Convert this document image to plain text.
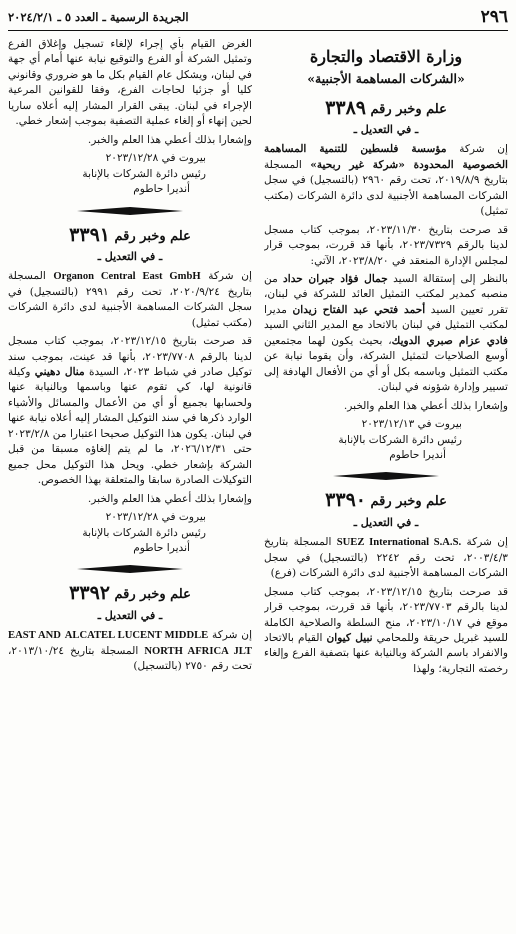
٢٩٦
الجريدة الرسمية ـ العدد ٥ ـ ٢٠٢٤/٢/١
وزارة الاقتصاد والتجارة
«الشركات المساهمة الأجنبية»
علم وخبر رقم ٣٣٨٩
ـ في التعديل ـ

إن شركة مؤسسة فلسطين للتنمية المساهمة الخصوصية المحدودة «شركة غير ربحية» المسجلة بتاريخ ٢٠١٩/٨/٩، تحت رقم ٢٩٦٠ (بالتسجيل) في سجل الشركات المساهمة الأجنبية لدى دائرة الشركات (مكتب تمثيل)

قد صرحت بتاريخ ٢٠٢٣/١١/٣٠، بموجب كتاب مسجل لدينا بالرقم ٢٠٢٣/٧٣٢٩، بأنها قد قررت، بموجب قرار لمجلس الإدارة المنعقد في ٢٠٢٣/٨/٢٠، الآتي:

بالنظر إلى إستقالة السيد جمال فؤاد جبران حداد من منصبه كمدير لمكتب التمثيل العائد للشركة في لبنان، تقرر تعيين السيد أحمد فتحي عبد الفتاح زيدان مديرا لمكتب التمثيل في لبنان بالاتحاد مع المدير الثاني السيد فادي عزام صبري الدويك، بحيث يكون لهما مجتمعين أوسع الصلاحيات لتمثيل الشركة، وأن يقوما نيابة عن مكتب التمثيل وباسمه بكل أو أي من الأفعال الهادفة إلى تسيير وإدارة شؤونه في لبنان.

وإشعارا بذلك أعطي هذا العلم والخبر.

بيروت في ٢٠٢٣/١٢/١٣

رئيس دائرة الشركات بالإنابة

أنديرا حاطوم

علم وخبر رقم ٣٣٩٠
ـ في التعديل ـ

إن شركة SUEZ International S.A.S. المسجلة بتاريخ ٢٠٠٣/٤/٣، تحت رقم ٢٢٤٢ (بالتسجيل) في سجل الشركات المساهمة الأجنبية لدى دائرة الشركات (فرع)

قد صرحت بتاريخ ٢٠٢٣/١٢/١٥، بموجب كتاب مسجل لدينا بالرقم ٢٠٢٣/٧٧٠٣، بأنها قد قررت، بموجب قرار موقع في ٢٠٢٣/١٠/١٧، منح السلطة والصلاحية الكاملة للسيد غبريل حريقة وللمحامي نبيل كيوان القيام بالاتحاد والانفراد باسم الشركة وبالنيابة عنها بتصفية الفرع وإلغاء رخصته التجارية؛ ولهذا

الغرض القيام بأي إجراء لإلغاء تسجيل وإغلاق الفرع وتمثيل الشركة أو الفرع والتوقيع نيابة عنها أمام أي جهة في لبنان، ويشكل عام القيام بكل ما هو ضروري وقانوني كليا أو جزئيا لحاجات الفرع، وفقا للقوانين المرعية الإجراء في لبنان. يبقى القرار المشار إليه أعلاه ساريا لحين إنهاء أو إلغاء عملية التصفية بموجب إشعار خطي.

وإشعارا بذلك أعطي هذا العلم والخبر.

بيروت في ٢٠٢٣/١٢/٢٨

رئيس دائرة الشركات بالإنابة

أنديرا حاطوم

علم وخبر رقم ٣٣٩١
ـ في التعديل ـ

إن شركة Organon Central East GmbH المسجلة بتاريخ ٢٠٢٠/٩/٢٤، تحت رقم ٢٩٩١ (بالتسجيل) في سجل الشركات المساهمة الأجنبية لدى دائرة الشركات (مكتب تمثيل)

قد صرحت بتاريخ ٢٠٢٣/١٢/١٥، بموجب كتاب مسجل لدينا بالرقم ٢٠٢٣/٧٧٠٨، بأنها قد عينت، بموجب سند توكيل صادر في شباط ٢٠٢٣، السيدة منال دهيني وكيلة قانونية لها، كي تقوم عنها وباسمها وبالنيابة عنها ولحسابها بجميع أو أي من الأعمال والمسائل والأشياء الوارد ذكرها في سند التوكيل المشار إليه أعلاه نيابة عنها في لبنان. يكون هذا التوكيل صحيحا اعتبارا من ٢٠٢٣/٢/٨ حتى ٢٠٢٦/١٢/٣١، ما لم يتم إلغاؤه مسبقا من قبل الشركة بإشعار خطي. ويحل هذا التوكيل محل جميع التوكيلات الصادرة سابقا والمتعلقة بهذا الخصوص.

وإشعارا بذلك أعطي هذا العلم والخبر.

بيروت في ٢٠٢٣/١٢/٢٨

رئيس دائرة الشركات بالإنابة

أنديرا حاطوم

علم وخبر رقم ٣٣٩٢
ـ في التعديل ـ

إن شركة ALCATEL LUCENT MIDDLE EAST AND NORTH AFRICA JLT المسجلة بتاريخ ٢٠١٣/١٠/٢٤، تحت رقم ٢٧٥٠ (بالتسجيل)
